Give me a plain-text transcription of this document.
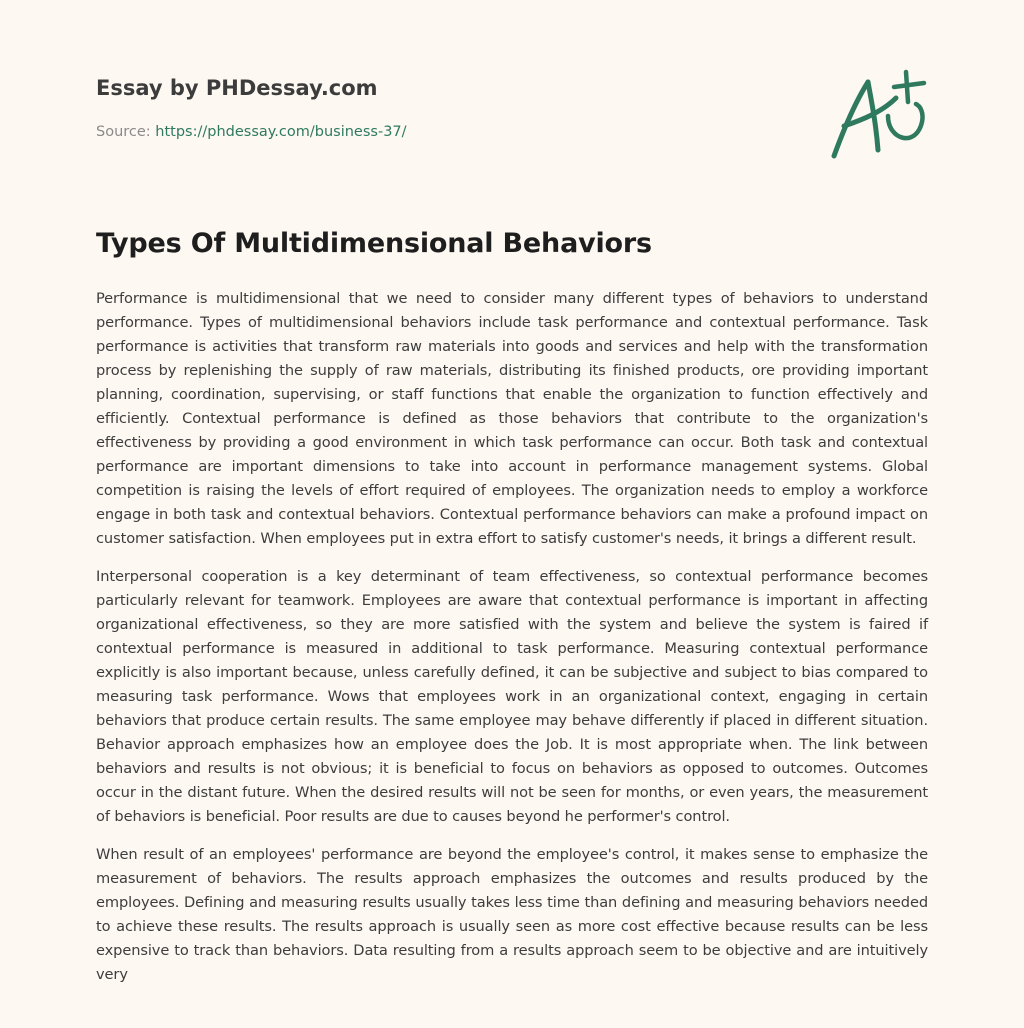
Essay by PHDessay.com
Source: https://phdessay.com/business-37/
Types Of Multidimensional Behaviors

Performance is multidimensional that we need to consider many different types of behaviors to understand performance. Types of multidimensional behaviors include task performance and contextual performance. Task performance is activities that transform raw materials into goods and services and help with the transformation process by replenishing the supply of raw materials, distributing its finished products, ore providing important planning, coordination, supervising, or staff functions that enable the organization to function effectively and efficiently. Contextual performance is defined as those behaviors that contribute to the organization's effectiveness by providing a good environment in which task performance can occur. Both task and contextual performance are important dimensions to take into account in performance management systems. Global competition is raising the levels of effort required of employees. The organization needs to employ a workforce engage in both task and contextual behaviors. Contextual performance behaviors can make a profound impact on customer satisfaction. When employees put in extra effort to satisfy customer's needs, it brings a different result.

Interpersonal cooperation is a key determinant of team effectiveness, so contextual performance becomes particularly relevant for teamwork. Employees are aware that contextual performance is important in affecting organizational effectiveness, so they are more satisfied with the system and believe the system is faired if contextual performance is measured in additional to task performance. Measuring contextual performance explicitly is also important because, unless carefully defined, it can be subjective and subject to bias compared to measuring task performance. Wows that employees work in an organizational context, engaging in certain behaviors that produce certain results. The same employee may behave differently if placed in different situation. Behavior approach emphasizes how an employee does the Job. It is most appropriate when. The link between behaviors and results is not obvious; it is beneficial to focus on behaviors as opposed to outcomes. Outcomes occur in the distant future. When the desired results will not be seen for months, or even years, the measurement of behaviors is beneficial. Poor results are due to causes beyond he performer's control.

When result of an employees' performance are beyond the employee's control, it makes sense to emphasize the measurement of behaviors. The results approach emphasizes the outcomes and results produced by the employees. Defining and measuring results usually takes less time than defining and measuring behaviors needed to achieve these results. The results approach is usually seen as more cost effective because results can be less expensive to track than behaviors. Data resulting from a results approach seem to be objective and are intuitively very
